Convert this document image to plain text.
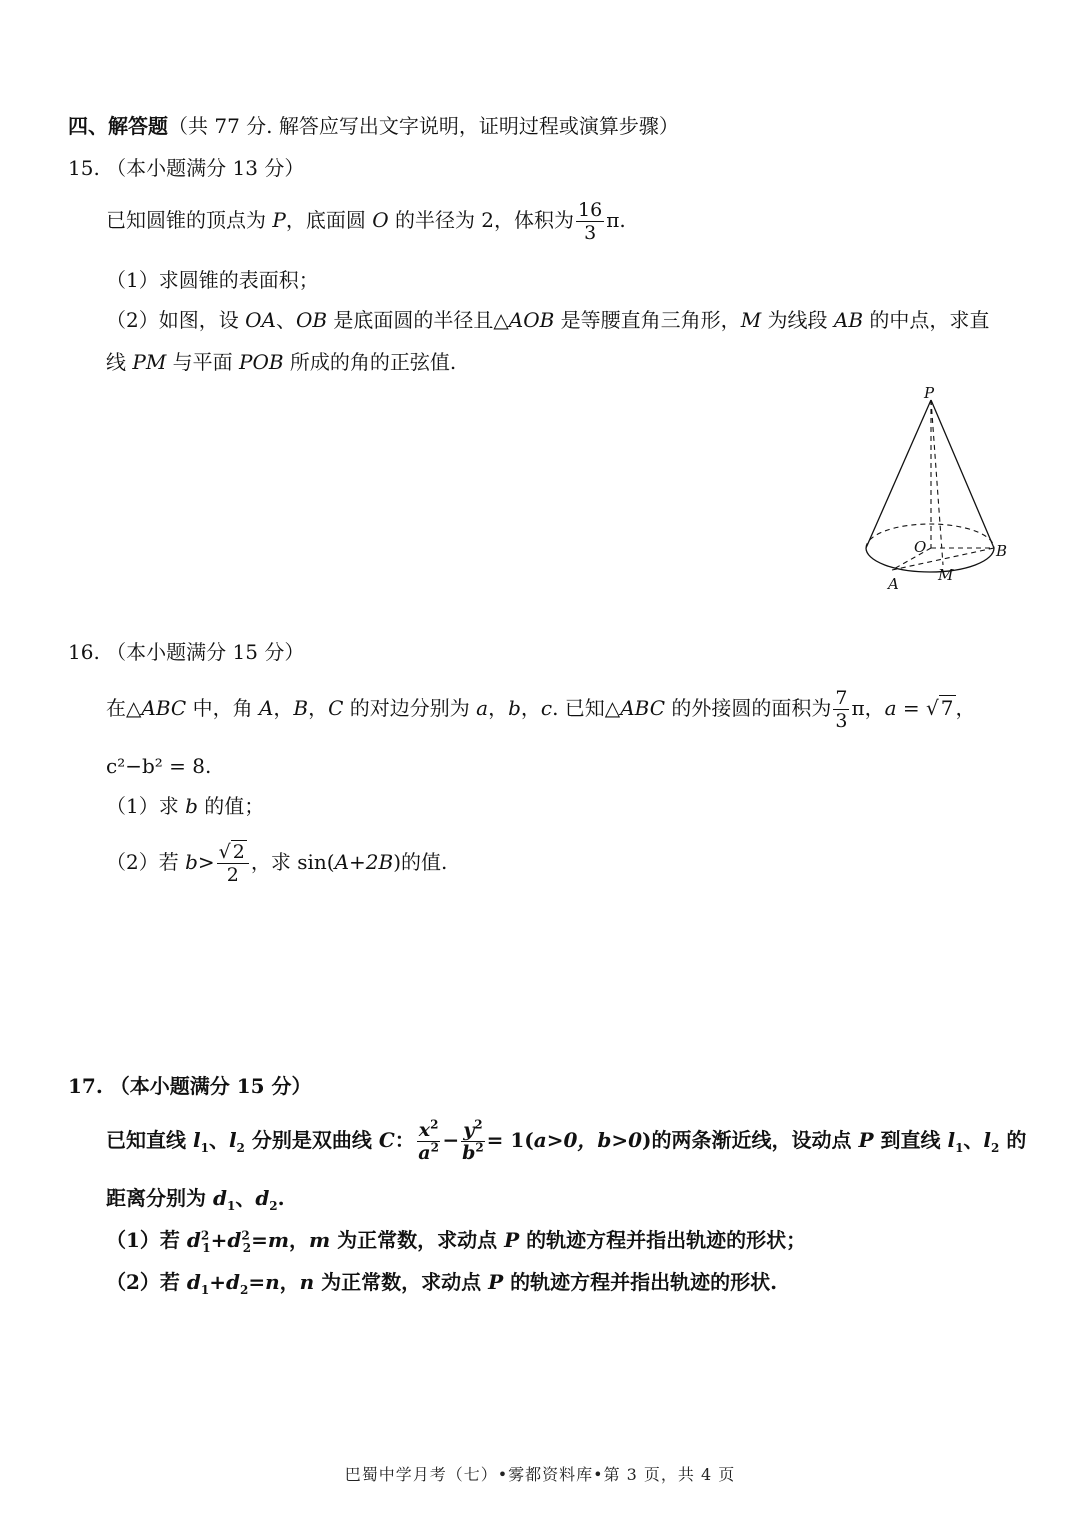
四、解答题（共 77 分. 解答应写出文字说明，证明过程或演算步骤）
15. （本小题满分 13 分）
已知圆锥的顶点为 P，底面圆 O 的半径为 2，体积为 $\frac{16}{3} \pi$.
（1）求圆锥的表面积；
（2）如图，设 OA、OB 是底面圆的半径且△AOB 是等腰直角三角形，M 为线段 AB 的中点，求直
线 PM 与平面 POB 所成的角的正弦值.
P
O	B
A	M
16. （本小题满分 15 分）
在△ABC 中，角 A，B，C 的对边分别为 a，b，c. 已知△ABC 的外接圆的面积为 $\frac{7}{3}$ π，a = √ 7 ，
c²−b² = 8.
（1）求 b 的值；
（2）若 $b> \frac{√ 2}{2}$ ，求 sin(A+2B)的值.
17. （本小题满分 15 分）
已知直线 $l_1$、$l_2$ 分别是双曲线 C： $\frac{x^2}{a^2} - \frac{y^2}{b^2} = 1(a>0$，b>0)的两条渐近线，设动点 P 到直线 $l_1$、$l_2$ 的
距离分别为 $d_1$、$d_2$.
（1）若 $d^2_1+d^2_2=m$，m 为正常数，求动点 P 的轨迹方程并指出轨迹的形状；
（2）若 $d_1+d_2=n$，n 为正常数，求动点 P 的轨迹方程并指出轨迹的形状.
巴蜀中学月考（七）•雾都资料库•第 3 页，共 4 页
